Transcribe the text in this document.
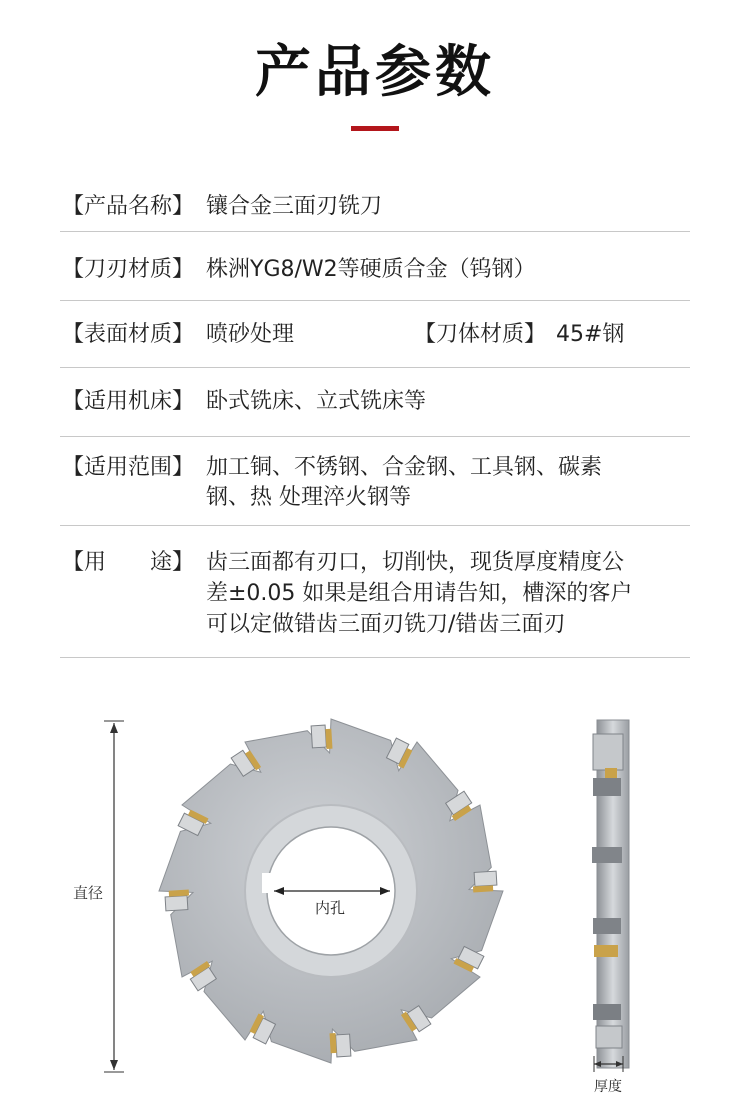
产品参数
【产品名称】 镶合金三面刃铣刀
【刀刃材质】 株洲YG8/W2等硬质合金（钨钢）
【表面材质】 喷砂处理	【刀体材质】 45#钢
【适用机床】 卧式铣床、立式铣床等
【适用范围】 加工铜、不锈钢、合金钢、工具钢、碳素
钢、热 处理淬火钢等
【用　　途】 齿三面都有刃口，切削快，现货厚度精度公
差±0.05 如果是组合用请告知，槽深的客户
可以定做错齿三面刃铣刀/错齿三面刃
直径
内孔
厚度
